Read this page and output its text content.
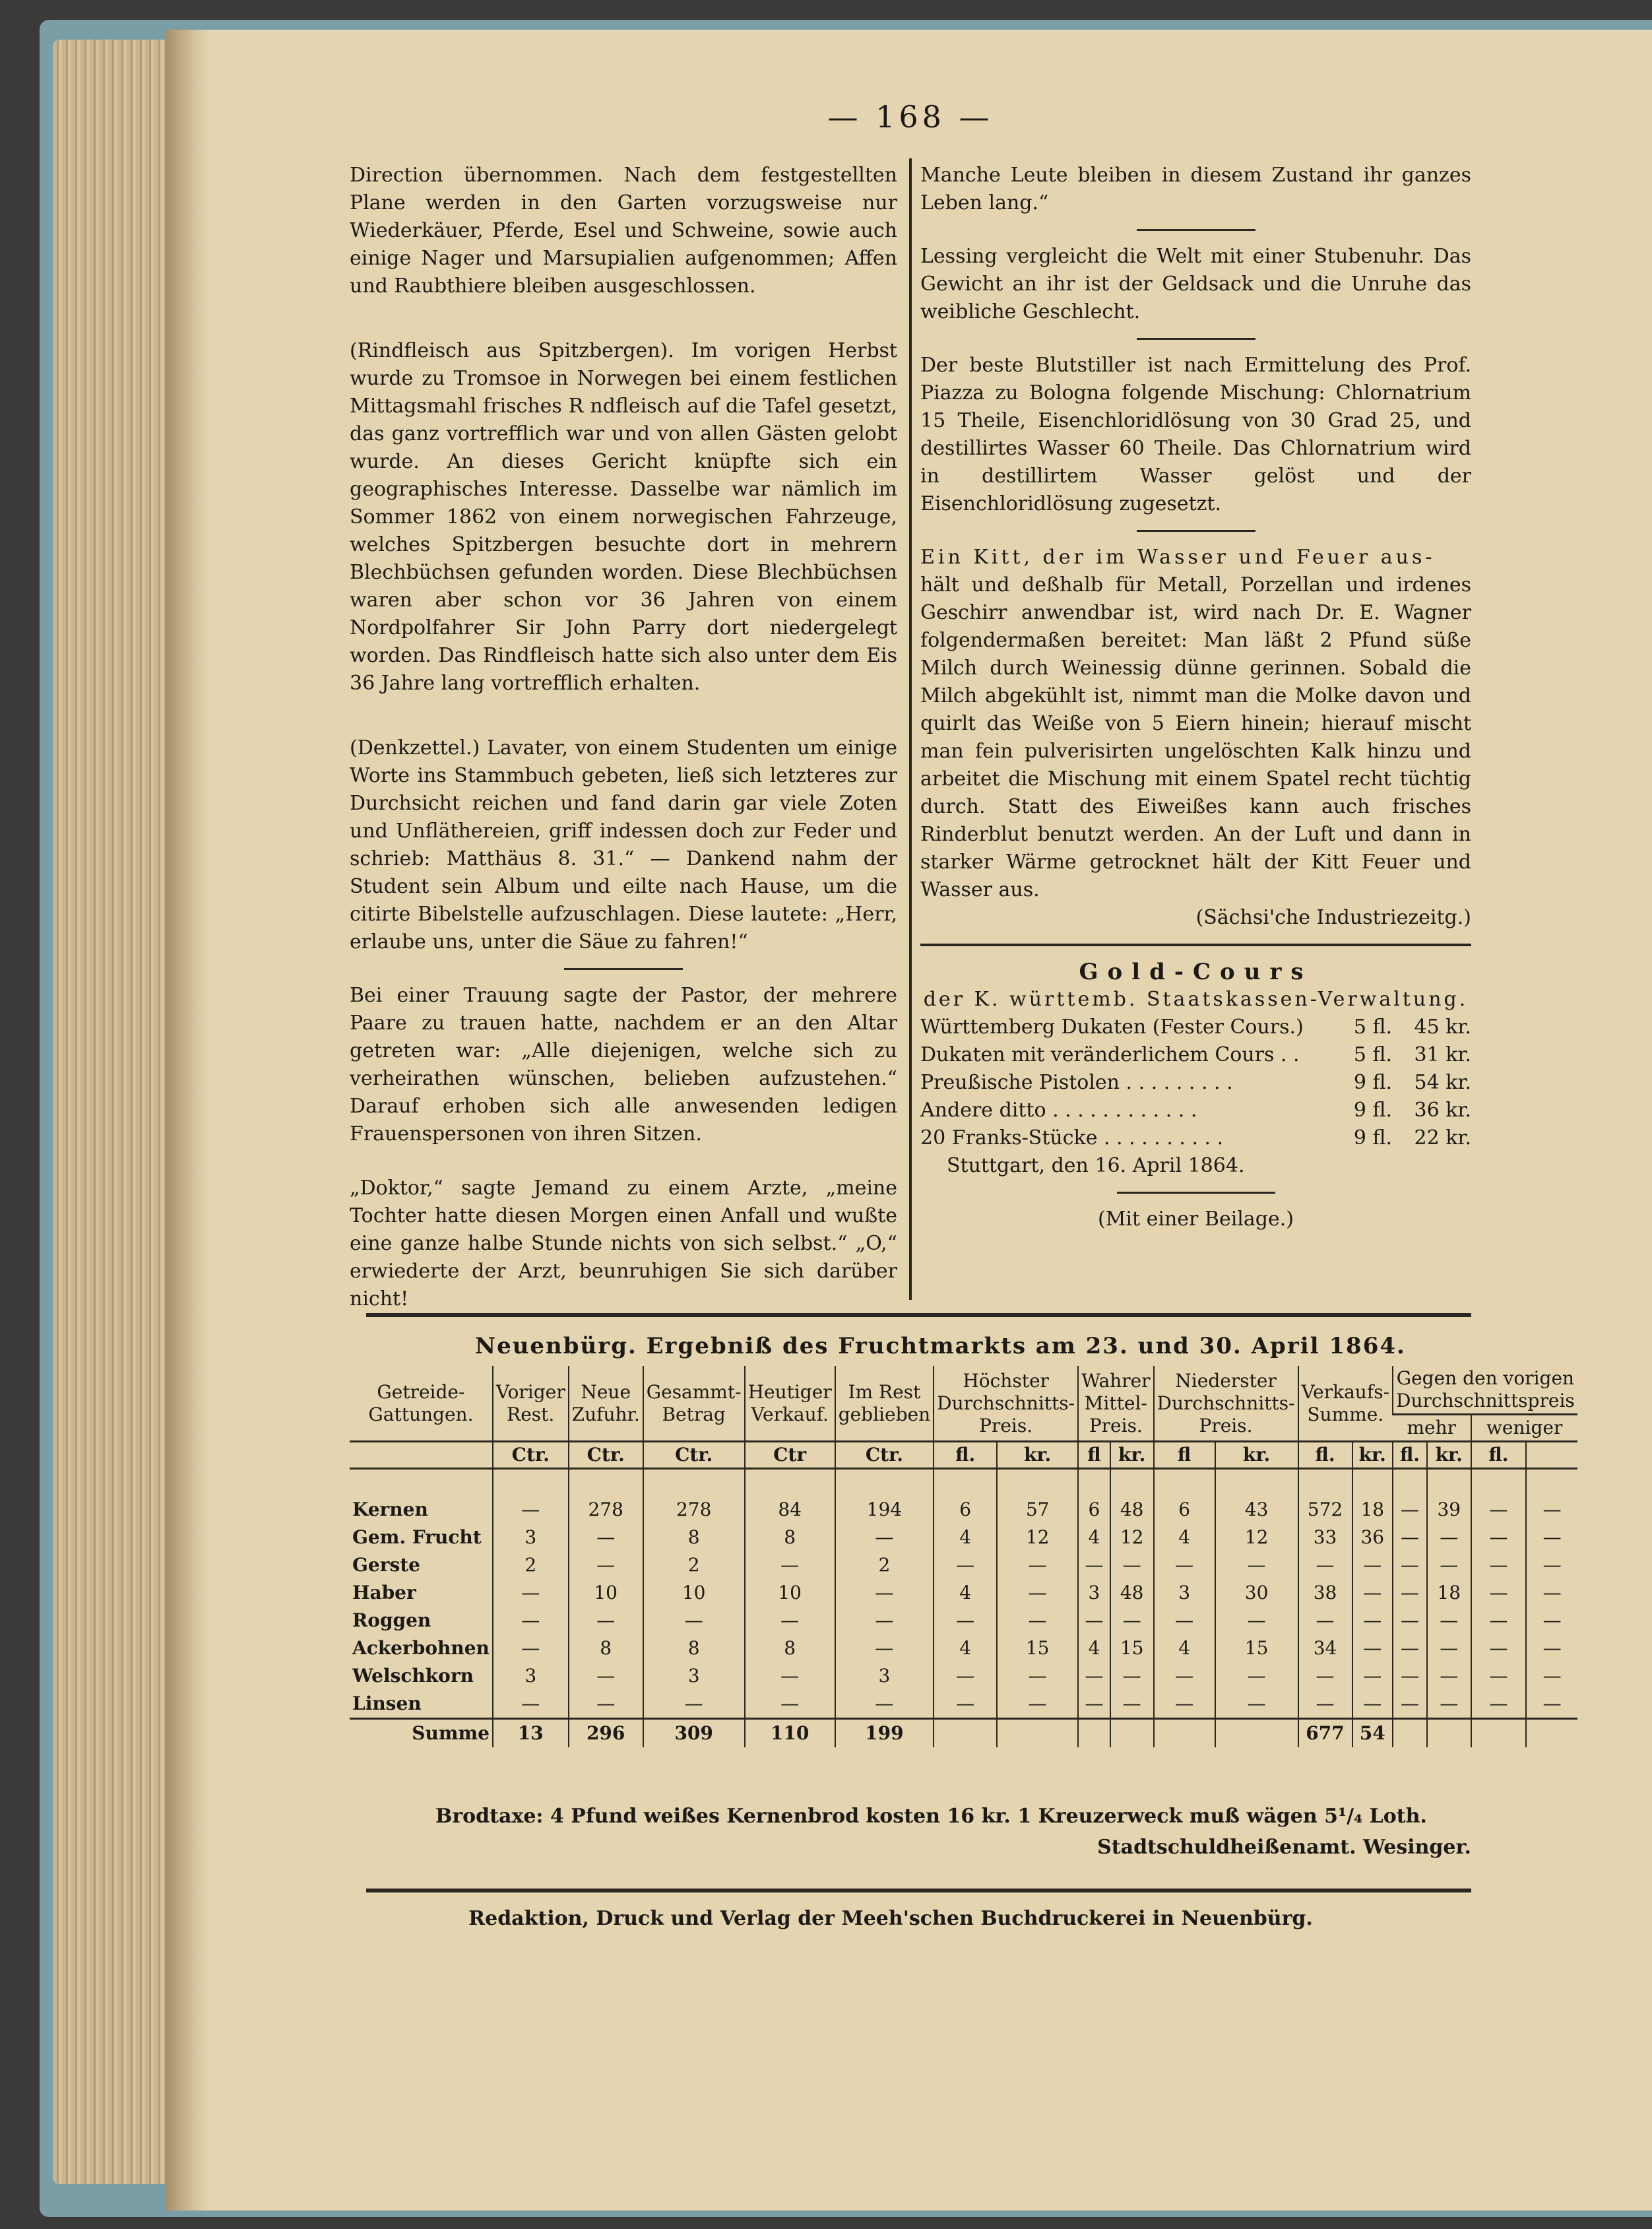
— 168 —

Direction übernommen. Nach dem festgestellten Plane werden in den Garten vorzugsweise nur Wiederkäuer, Pferde, Esel und Schweine, sowie auch einige Nager und Marsupialien aufgenommen; Affen und Raubthiere bleiben ausgeschlossen.

(Rindfleisch aus Spitzbergen). Im vorigen Herbst wurde zu Tromsoe in Norwegen bei einem festlichen Mittagsmahl frisches R ndfleisch auf die Tafel gesetzt, das ganz vortrefflich war und von allen Gästen gelobt wurde. An dieses Gericht knüpfte sich ein geographisches Interesse. Dasselbe war nämlich im Sommer 1862 von einem norwegischen Fahrzeuge, welches Spitzbergen besuchte dort in mehrern Blechbüchsen gefunden worden. Diese Blechbüchsen waren aber schon vor 36 Jahren von einem Nordpolfahrer Sir John Parry dort niedergelegt worden. Das Rindfleisch hatte sich also unter dem Eis 36 Jahre lang vortrefflich erhalten.

(Denkzettel.) Lavater, von einem Studenten um einige Worte ins Stammbuch gebeten, ließ sich letzteres zur Durchsicht reichen und fand darin gar viele Zoten und Unfläthereien, griff indessen doch zur Feder und schrieb: Matthäus 8. 31.“ — Dankend nahm der Student sein Album und eilte nach Hause, um die citirte Bibelstelle aufzuschlagen. Diese lautete: „Herr, erlaube uns, unter die Säue zu fahren!“

Bei einer Trauung sagte der Pastor, der mehrere Paare zu trauen hatte, nachdem er an den Altar getreten war: „Alle diejenigen, welche sich zu verheirathen wünschen, belieben aufzustehen.“ Darauf erhoben sich alle anwesenden ledigen Frauenspersonen von ihren Sitzen.

„Doktor,“ sagte Jemand zu einem Arzte, „meine Tochter hatte diesen Morgen einen Anfall und wußte eine ganze halbe Stunde nichts von sich selbst.“ „O,“ erwiederte der Arzt, beunruhigen Sie sich darüber nicht!

Manche Leute bleiben in diesem Zustand ihr ganzes Leben lang.“

Lessing vergleicht die Welt mit einer Stubenuhr. Das Gewicht an ihr ist der Geldsack und die Unruhe das weibliche Geschlecht.

Der beste Blutstiller ist nach Ermittelung des Prof. Piazza zu Bologna folgende Mischung: Chlornatrium 15 Theile, Eisenchloridlösung von 30 Grad 25, und destillirtes Wasser 60 Theile. Das Chlornatrium wird in destillirtem Wasser gelöst und der Eisenchloridlösung zugesetzt.

Ein Kitt, der im Wasser und Feuer aus-

hält und deßhalb für Metall, Porzellan und irdenes Geschirr anwendbar ist, wird nach Dr. E. Wagner folgendermaßen bereitet: Man läßt 2 Pfund süße Milch durch Weinessig dünne gerinnen. Sobald die Milch abgekühlt ist, nimmt man die Molke davon und quirlt das Weiße von 5 Eiern hinein; hierauf mischt man fein pulverisirten ungelöschten Kalk hinzu und arbeitet die Mischung mit einem Spatel recht tüchtig durch. Statt des Eiweißes kann auch frisches Rinderblut benutzt werden. An der Luft und dann in starker Wärme getrocknet hält der Kitt Feuer und Wasser aus.

(Sächsi'che Industriezeitg.)

Gold-Cours
der K. württemb. Staatskassen-Verwaltung.
Württemberg Dukaten (Fester Cours.)	5 fl.	45 kr.
Dukaten mit veränderlichem Cours . .	5 fl.	31 kr.
Preußische Pistolen . . . . . . . . .	9 fl.	54 kr.
Andere ditto . . . . . . . . . . . .	9 fl.	36 kr.
20 Franks-Stücke . . . . . . . . . .	9 fl.	22 kr.

Stuttgart, den 16. April 1864.

(Mit einer Beilage.)

Neuenbürg. Ergebniß des Fruchtmarkts am 23. und 30. April 1864.
Getreide-Gattungen.	Voriger Rest.	Neue Zufuhr.	Gesammt-Betrag	Heutiger Verkauf.	Im Rest geblieben	Höchster Durchschnitts-Preis.		Wahrer Mittel-Preis.		Niederster Durchschnitts-Preis.		Verkaufs-Summe.		Gegen den vorigen Durchschnittspreis			
														mehr		weniger	
	Ctr.	Ctr.	Ctr.	Ctr	Ctr.	fl.	kr.	fl	kr.	fl	kr.	fl.	kr.	fl.	kr.	fl.	
Kernen	—	278	278	84	194	6	57	6	48	6	43	572	18	—	39	—	—
Gem. Frucht	3	—	8	8	—	4	12	4	12	4	12	33	36	—	—	—	—
Gerste	2	—	2	—	2	—	—	—	—	—	—	—	—	—	—	—	—
Haber	—	10	10	10	—	4	—	3	48	3	30	38	—	—	18	—	—
Roggen	—	—	—	—	—	—	—	—	—	—	—	—	—	—	—	—	—
Ackerbohnen	—	8	8	8	—	4	15	4	15	4	15	34	—	—	—	—	—
Welschkorn	3	—	3	—	3	—	—	—	—	—	—	—	—	—	—	—	—
Linsen	—	—	—	—	—	—	—	—	—	—	—	—	—	—	—	—	—
Summe	13	296	309	110	199							677	54				
Brodtaxe: 4 Pfund weißes Kernenbrod kosten 16 kr. 1 Kreuzerweck muß wägen 5¹/₄ Loth.
Stadtschuldheißenamt. Wesinger.
Redaktion, Druck und Verlag der Meeh'schen Buchdruckerei in Neuenbürg.
